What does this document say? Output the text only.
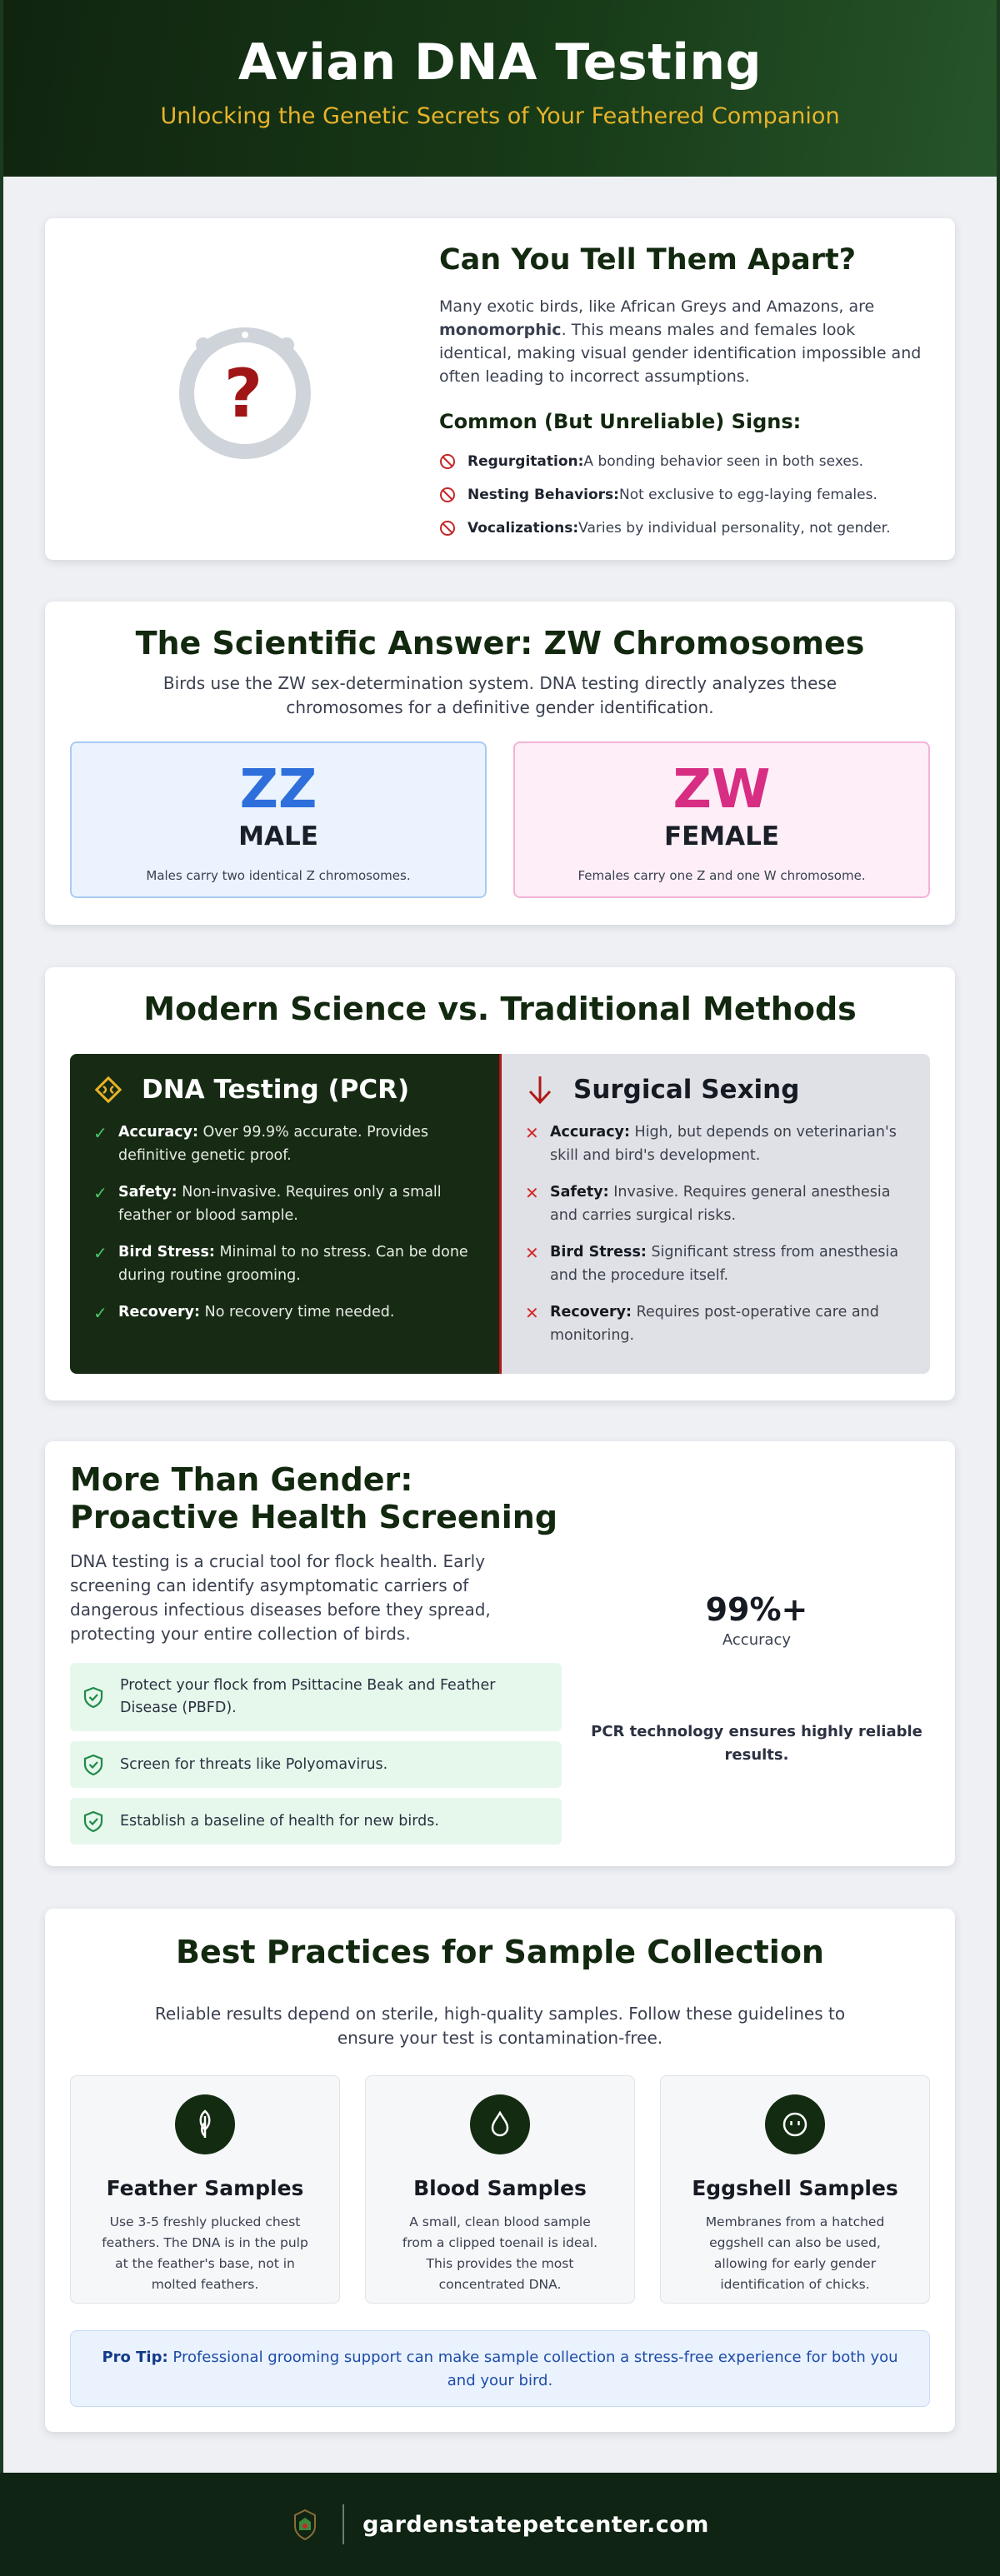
Avian DNA Testing

Unlocking the Genetic Secrets of Your Feathered Companion

?
Can You Tell Them Apart?

Many exotic birds, like African Greys and Amazons, are monomorphic. This means males and females look identical, making visual gender identification impossible and often leading to incorrect assumptions.

Common (But Unreliable) Signs:
Regurgitation:A bonding behavior seen in both sexes.
Nesting Behaviors:Not exclusive to egg-laying females.
Vocalizations:Varies by individual personality, not gender.
The Scientific Answer: ZW Chromosomes

Birds use the ZW sex-determination system. DNA testing directly analyzes these chromosomes for a definitive gender identification.

ZZ
MALE
Males carry two identical Z chromosomes.
ZW
FEMALE
Females carry one Z and one W chromosome.
Modern Science vs. Traditional Methods
DNA Testing (PCR)
✓ Accuracy: Over 99.9% accurate. Provides definitive genetic proof.
✓ Safety: Non-invasive. Requires only a small feather or blood sample.
✓ Bird Stress: Minimal to no stress. Can be done during routine grooming.
✓ Recovery: No recovery time needed.
Surgical Sexing
✕ Accuracy: High, but depends on veterinarian's skill and bird's development.
✕ Safety: Invasive. Requires general anesthesia and carries surgical risks.
✕ Bird Stress: Significant stress from anesthesia and the procedure itself.
✕ Recovery: Requires post-operative care and monitoring.
More Than Gender:
Proactive Health Screening

DNA testing is a crucial tool for flock health. Early screening can identify asymptomatic carriers of dangerous infectious diseases before they spread, protecting your entire collection of birds.

Protect your flock from Psittacine Beak and Feather Disease (PBFD).
Screen for threats like Polyomavirus.
Establish a baseline of health for new birds.
99%+
Accuracy
PCR technology ensures highly reliable results.
Best Practices for Sample Collection

Reliable results depend on sterile, high-quality samples. Follow these guidelines to ensure your test is contamination-free.

Feather Samples
Use 3-5 freshly plucked chest feathers. The DNA is in the pulp at the feather's base, not in molted feathers.
Blood Samples
A small, clean blood sample from a clipped toenail is ideal. This provides the most concentrated DNA.
Eggshell Samples
Membranes from a hatched eggshell can also be used, allowing for early gender identification of chicks.
Pro Tip: Professional grooming support can make sample collection a stress-free experience for both you and your bird.
gardenstatepetcenter.com
